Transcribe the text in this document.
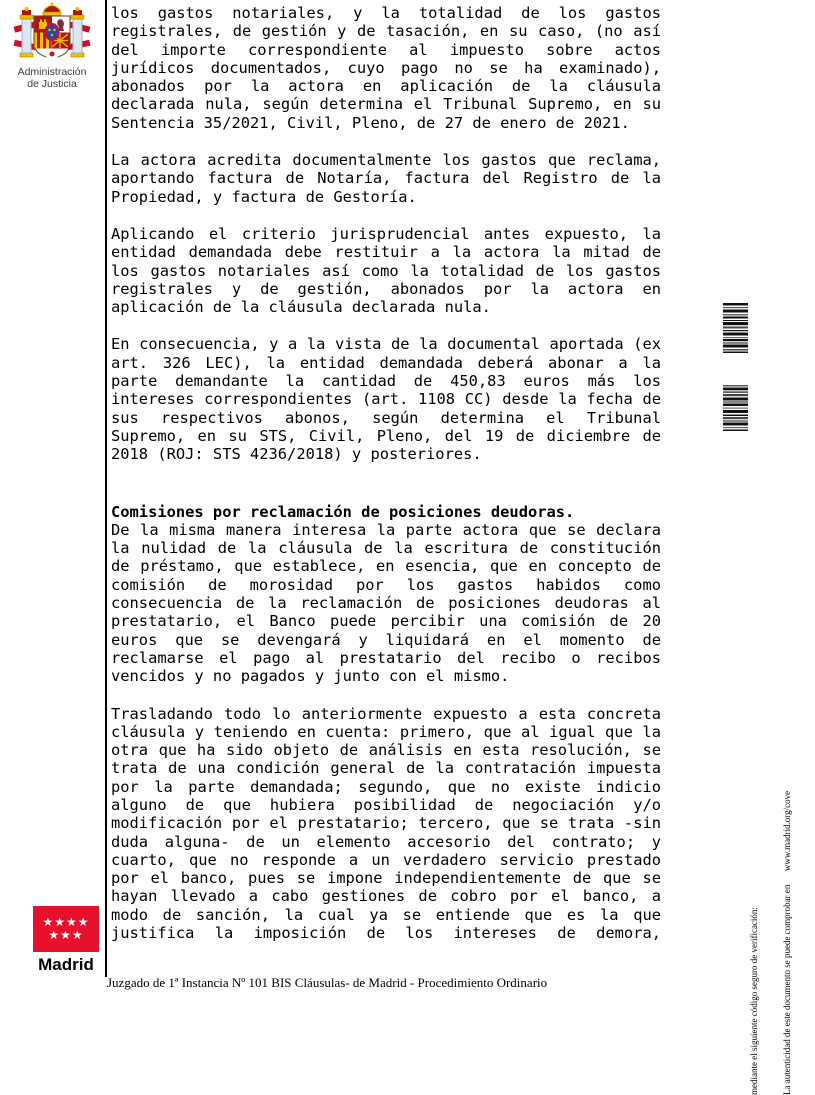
Administración
de Justicia
los gastos notariales, y la totalidad de los gastos registrales, de gestión y de tasación, en su caso, (no así del importe correspondiente al impuesto sobre actos jurídicos documentados, cuyo pago no se ha examinado), abonados por la actora en aplicación de la cláusula declarada nula, según determina el Tribunal Supremo, en su Sentencia 35/2021, Civil, Pleno, de 27 de enero de 2021.
La actora acredita documentalmente los gastos que reclama, aportando factura de Notaría, factura del Registro de la Propiedad, y factura de Gestoría.
Aplicando el criterio jurisprudencial antes expuesto, la entidad demandada debe restituir a la actora la mitad de los gastos notariales así como la totalidad de los gastos registrales y de gestión, abonados por la actora en aplicación de la cláusula declarada nula.
En consecuencia, y a la vista de la documental aportada (ex art. 326 LEC), la entidad demandada deberá abonar a la parte demandante la cantidad de 450,83 euros más los intereses correspondientes (art. 1108 CC) desde la fecha de sus respectivos abonos, según determina el Tribunal Supremo, en su STS, Civil, Pleno, del 19 de diciembre de 2018 (ROJ: STS 4236/2018) y posteriores.
Comisiones por reclamación de posiciones deudoras.
De la misma manera interesa la parte actora que se declara la nulidad de la cláusula de la escritura de constitución de préstamo, que establece, en esencia, que en concepto de comisión de morosidad por los gastos habidos como consecuencia de la reclamación de posiciones deudoras al prestatario, el Banco puede percibir una comisión de 20 euros que se devengará y liquidará en el momento de reclamarse el pago al prestatario del recibo o recibos vencidos y no pagados y junto con el mismo.
Trasladando todo lo anteriormente expuesto a esta concreta cláusula y teniendo en cuenta: primero, que al igual que la otra que ha sido objeto de análisis en esta resolución, se trata de una condición general de la contratación impuesta por la parte demandada; segundo, que no existe indicio alguno de que hubiera posibilidad de negociación y/o modificación por el prestatario; tercero, que se trata -sin duda alguna- de un elemento accesorio del contrato; y cuarto, que no responde a un verdadero servicio prestado por el banco, pues se impone independientemente de que se hayan llevado a cabo gestiones de cobro por el banco, a modo de sanción, la cual ya se entiende que es la que justifica la imposición de los intereses de demora,

	mediante el siguiente código seguro de verificación:

	La autenticidad de este documento se puede comprobar en      www.madrid.org/cove

★★★★
★★★
Madrid
Juzgado de 1ª Instancia Nº 101 BIS Cláusulas- de Madrid - Procedimiento Ordinario
